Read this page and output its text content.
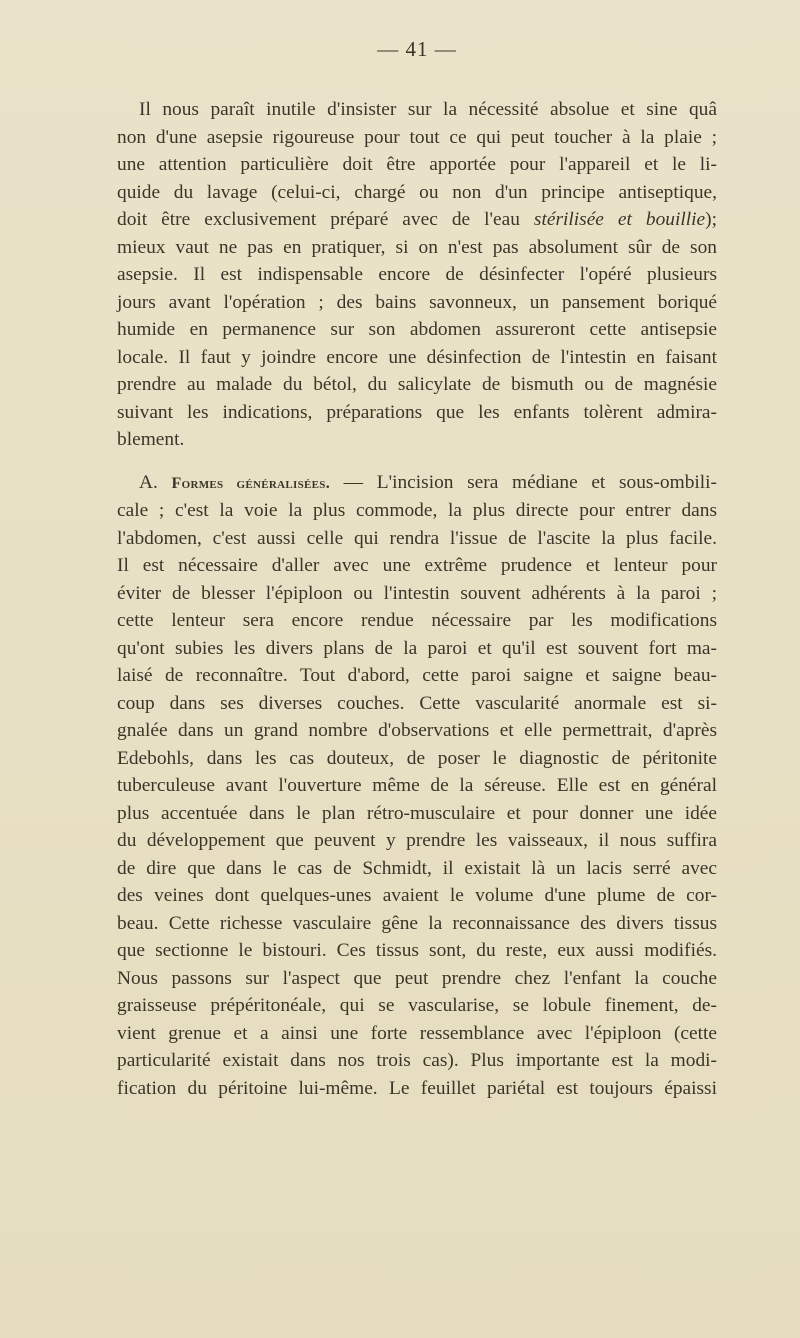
— 41 —

Il nous paraît inutile d'insister sur la nécessité absolue et sine quâ
non d'une asepsie rigoureuse pour tout ce qui peut toucher à la plaie ;
une attention particulière doit être apportée pour l'appareil et le li-
quide du lavage (celui-ci, chargé ou non d'un principe antiseptique,
doit être exclusivement préparé avec de l'eau stérilisée et bouillie);
mieux vaut ne pas en pratiquer, si on n'est pas absolument sûr de son
asepsie. Il est indispensable encore de désinfecter l'opéré plusieurs
jours avant l'opération ; des bains savonneux, un pansement boriqué
humide en permanence sur son abdomen assureront cette antisepsie
locale. Il faut y joindre encore une désinfection de l'intestin en faisant
prendre au malade du bétol, du salicylate de bismuth ou de magnésie
suivant les indications, préparations que les enfants tolèrent admira-
blement.

A. Formes généralisées. — L'incision sera médiane et sous-ombili-
cale ; c'est la voie la plus commode, la plus directe pour entrer dans
l'abdomen, c'est aussi celle qui rendra l'issue de l'ascite la plus facile.
Il est nécessaire d'aller avec une extrême prudence et lenteur pour
éviter de blesser l'épiploon ou l'intestin souvent adhérents à la paroi ;
cette lenteur sera encore rendue nécessaire par les modifications
qu'ont subies les divers plans de la paroi et qu'il est souvent fort ma-
laisé de reconnaître. Tout d'abord, cette paroi saigne et saigne beau-
coup dans ses diverses couches. Cette vascularité anormale est si-
gnalée dans un grand nombre d'observations et elle permettrait, d'après
Edebohls, dans les cas douteux, de poser le diagnostic de péritonite
tuberculeuse avant l'ouverture même de la séreuse. Elle est en général
plus accentuée dans le plan rétro-musculaire et pour donner une idée
du développement que peuvent y prendre les vaisseaux, il nous suffira
de dire que dans le cas de Schmidt, il existait là un lacis serré avec
des veines dont quelques-unes avaient le volume d'une plume de cor-
beau. Cette richesse vasculaire gêne la reconnaissance des divers tissus
que sectionne le bistouri. Ces tissus sont, du reste, eux aussi modifiés.
Nous passons sur l'aspect que peut prendre chez l'enfant la couche
graisseuse prépéritonéale, qui se vascularise, se lobule finement, de-
vient grenue et a ainsi une forte ressemblance avec l'épiploon (cette
particularité existait dans nos trois cas). Plus importante est la modi-
fication du péritoine lui-même. Le feuillet pariétal est toujours épaissi
